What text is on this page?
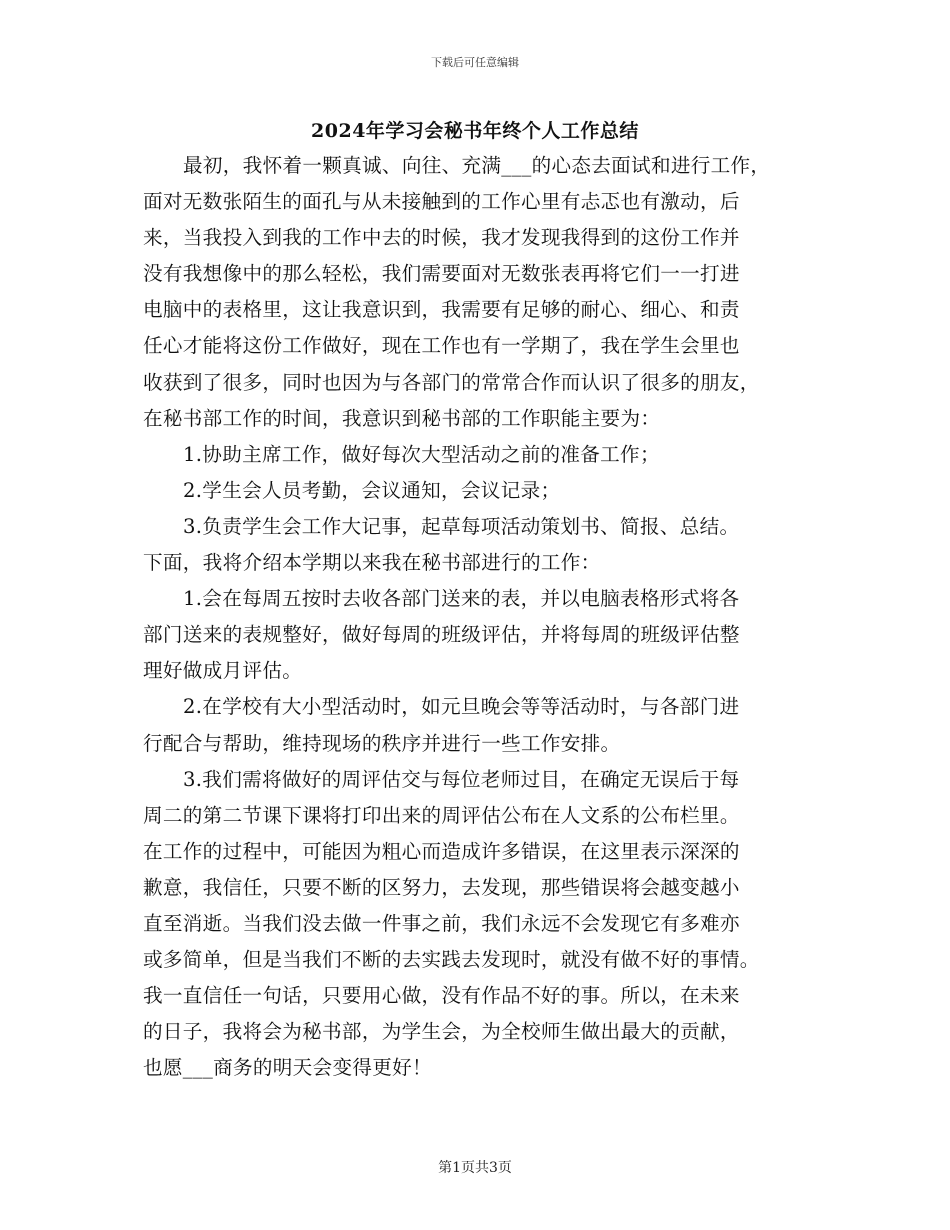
下载后可任意编辑
2024年学习会秘书年终个人工作总结
最初，我怀着一颗真诚、向往、充满___的心态去面试和进行工作，
面对无数张陌生的面孔与从未接触到的工作心里有忐忑也有激动，后
来，当我投入到我的工作中去的时候，我才发现我得到的这份工作并
没有我想像中的那么轻松，我们需要面对无数张表再将它们一一打进
电脑中的表格里，这让我意识到，我需要有足够的耐心、细心、和责
任心才能将这份工作做好，现在工作也有一学期了，我在学生会里也
收获到了很多，同时也因为与各部门的常常合作而认识了很多的朋友，
在秘书部工作的时间，我意识到秘书部的工作职能主要为：
1.协助主席工作，做好每次大型活动之前的准备工作；
2.学生会人员考勤，会议通知，会议记录；
3.负责学生会工作大记事，起草每项活动策划书、简报、总结。
下面，我将介绍本学期以来我在秘书部进行的工作：
1.会在每周五按时去收各部门送来的表，并以电脑表格形式将各
部门送来的表规整好，做好每周的班级评估，并将每周的班级评估整
理好做成月评估。
2.在学校有大小型活动时，如元旦晚会等等活动时，与各部门进
行配合与帮助，维持现场的秩序并进行一些工作安排。
3.我们需将做好的周评估交与每位老师过目，在确定无误后于每
周二的第二节课下课将打印出来的周评估公布在人文系的公布栏里。
在工作的过程中，可能因为粗心而造成许多错误，在这里表示深深的
歉意，我信任，只要不断的区努力，去发现，那些错误将会越变越小
直至消逝。当我们没去做一件事之前，我们永远不会发现它有多难亦
或多简单，但是当我们不断的去实践去发现时，就没有做不好的事情。
我一直信任一句话，只要用心做，没有作品不好的事。所以，在未来
的日子，我将会为秘书部，为学生会，为全校师生做出最大的贡献，
也愿___商务的明天会变得更好！
第1页共3页
